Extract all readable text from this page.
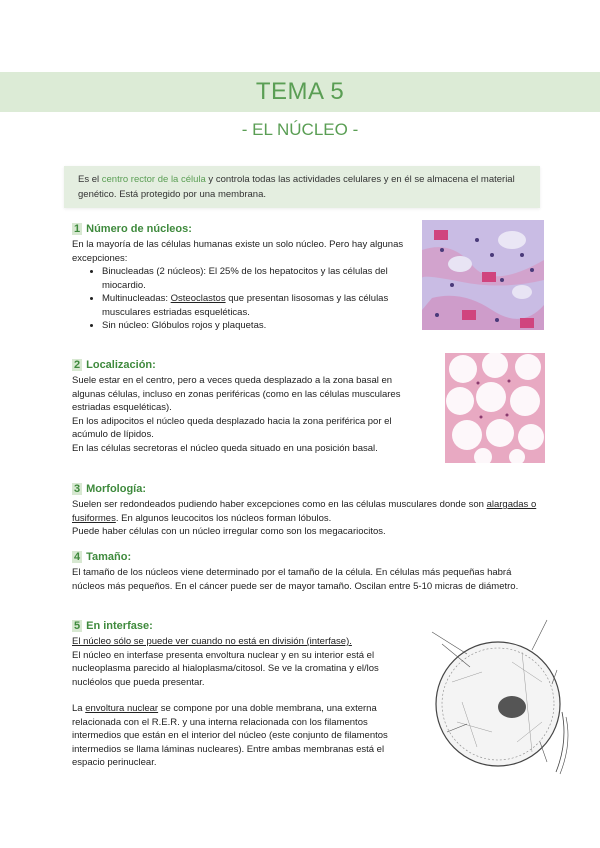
TEMA 5
- EL NÚCLEO -
Es el centro rector de la célula y controla todas las actividades celulares y en él se almacena el material genético. Está protegido por una membrana.
1 Número de núcleos:

En la mayoría de las células humanas existe un solo núcleo. Pero hay algunas excepciones:

• Binucleadas (2 núcleos): El 25% de los hepatocitos y las células del miocardio.
• Multinucleadas: Osteoclastos que presentan lisosomas y las células musculares estriadas esqueléticas.
• Sin núcleo: Glóbulos rojos y plaquetas.
2 Localización:

Suele estar en el centro, pero a veces queda desplazado a la zona basal en algunas células, incluso en zonas periféricas (como en las células musculares estriadas esqueléticas).

En los adipocitos el núcleo queda desplazado hacia la zona periférica por el acúmulo de lípidos.

En las células secretoras el núcleo queda situado en una posición basal.

3 Morfología:

Suelen ser redondeados pudiendo haber excepciones como en las células musculares donde son alargadas o fusiformes. En algunos leucocitos los núcleos forman lóbulos.

Puede haber células con un núcleo irregular como son los megacariocitos.

4 Tamaño:

El tamaño de los núcleos viene determinado por el tamaño de la célula. En células más pequeñas habrá núcleos más pequeños. En el cáncer puede ser de mayor tamaño. Oscilan entre 5-10 micras de diámetro.

5 En interfase:

El núcleo sólo se puede ver cuando no está en división (interfase).

El núcleo en interfase presenta envoltura nuclear y en su interior está el nucleoplasma parecido al hialoplasma/citosol. Se ve la cromatina y el/los nucléolos que pueda presentar.

La envoltura nuclear se compone por una doble membrana, una externa relacionada con el R.E.R. y una interna relacionada con los filamentos intermedios que están en el interior del núcleo (este conjunto de filamentos intermedios se llama láminas nucleares). Entre ambas membranas está el espacio perinuclear.
